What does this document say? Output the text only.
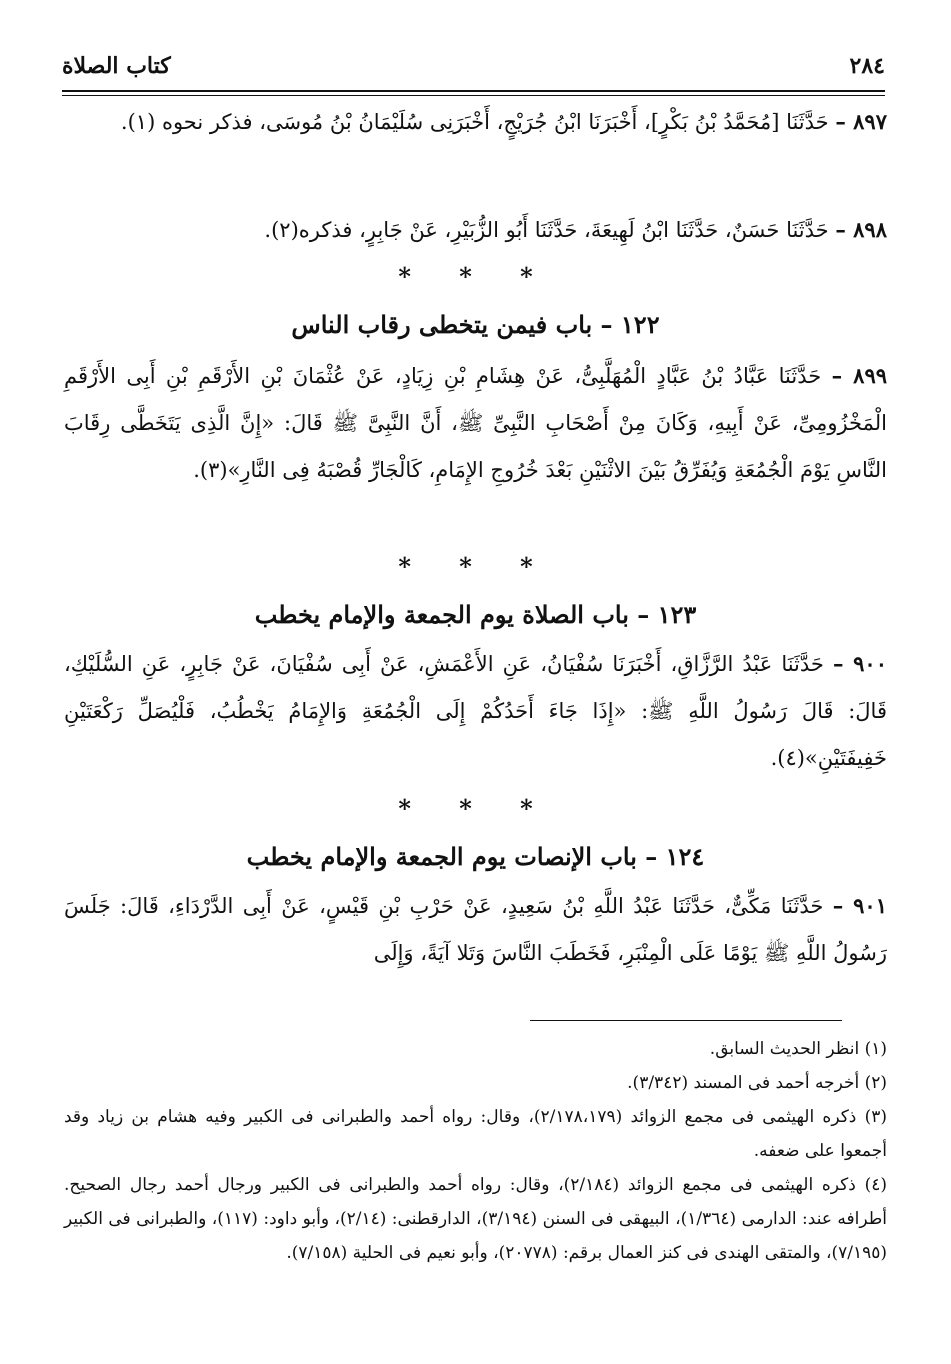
٢٨٤
كتاب الصلاة

٨٩٧ – حَدَّثَنَا [مُحَمَّدُ بْنُ بَكْرٍ]، أَخْبَرَنَا ابْنُ جُرَيْجٍ، أَخْبَرَنِى سُلَيْمَانُ بْنُ مُوسَى، فذكر نحوه (١).

٨٩٨ – حَدَّثَنَا حَسَنٌ، حَدَّثَنَا ابْنُ لَهِيعَةَ، حَدَّثَنَا أَبُو الزُّبَيْرِ، عَنْ جَابِرٍ، فذكره(٢).

* * *
١٢٢ – باب فيمن يتخطى رقاب الناس

٨٩٩ – حَدَّثَنَا عَبَّادُ بْنُ عَبَّادٍ الْمُهَلَّبِىُّ، عَنْ هِشَامِ بْنِ زِيَادٍ، عَنْ عُثْمَانَ بْنِ الأَرْقَمِ بْنِ أَبِى الأَرْقَمِ الْمَخْزُومِىِّ، عَنْ أَبِيهِ، وَكَانَ مِنْ أَصْحَابِ النَّبِىِّ ﷺ، أَنَّ النَّبِىَّ ﷺ قَالَ: «إِنَّ الَّذِى يَتَخَطَّى رِقَابَ النَّاسِ يَوْمَ الْجُمُعَةِ وَيُفَرِّقُ بَيْنَ الاثْنَيْنِ بَعْدَ خُرُوجِ الإِمَامِ، كَالْجَارِّ قُصْبَهُ فِى النَّارِ»(٣).

* * *
١٢٣ – باب الصلاة يوم الجمعة والإمام يخطب

٩٠٠ – حَدَّثَنَا عَبْدُ الرَّزَّاقِ، أَخْبَرَنَا سُفْيَانُ، عَنِ الأَعْمَشِ، عَنْ أَبِى سُفْيَانَ، عَنْ جَابِرٍ، عَنِ السُّلَيْكِ، قَالَ: قَالَ رَسُولُ اللَّهِ ﷺ: «إِذَا جَاءَ أَحَدُكُمْ إِلَى الْجُمُعَةِ وَالإِمَامُ يَخْطُبُ، فَلْيُصَلِّ رَكْعَتَيْنِ خَفِيفَتَيْنِ»(٤).

* * *
١٢٤ – باب الإنصات يوم الجمعة والإمام يخطب

٩٠١ – حَدَّثَنَا مَكِّىٌّ، حَدَّثَنَا عَبْدُ اللَّهِ بْنُ سَعِيدٍ، عَنْ حَرْبِ بْنِ قَيْسٍ، عَنْ أَبِى الدَّرْدَاءِ، قَالَ: جَلَسَ رَسُولُ اللَّهِ ﷺ يَوْمًا عَلَى الْمِنْبَرِ، فَخَطَبَ النَّاسَ وَتَلا آيَةً، وَإِلَى

(١) انظر الحديث السابق.

(٢) أخرجه أحمد فى المسند (٣/٣٤٢).

(٣) ذكره الهيثمى فى مجمع الزوائد (٢/١٧٨،١٧٩)، وقال: رواه أحمد والطبرانى فى الكبير وفيه هشام بن زياد وقد أجمعوا على ضعفه.

(٤) ذكره الهيثمى فى مجمع الزوائد (٢/١٨٤)، وقال: رواه أحمد والطبرانى فى الكبير ورجال أحمد رجال الصحيح. أطرافه عند: الدارمى (١/٣٦٤)، البيهقى فى السنن (٣/١٩٤)، الدارقطنى: (٢/١٤)، وأبو داود: (١١٧)، والطبرانى فى الكبير (٧/١٩٥)، والمتقى الهندى فى كنز العمال برقم: (٢٠٧٧٨)، وأبو نعيم فى الحلية (٧/١٥٨).
